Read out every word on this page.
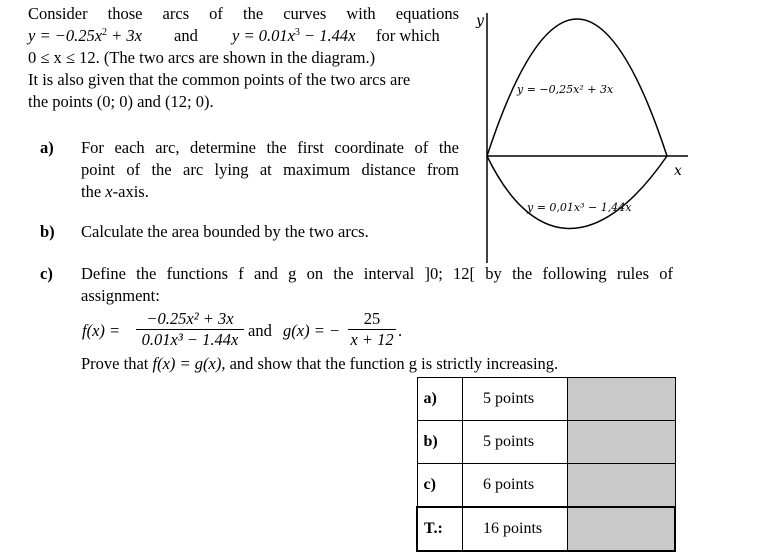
Consider those arcs of the curves with equations
$y = -0.25x^2 + 3x$ and $y = 0.01x^3 - 1.44x$ for which
0 ≤ x ≤ 12. (The two arcs are shown in the diagram.)
It is also given that the common points of the two arcs are
the points (0; 0) and (12; 0).
a) For each arc, determine the first coordinate of the
point of the arc lying at maximum distance from
the x-axis.
b) Calculate the area bounded by the two arcs.
c) Define the functions f and g on the interval ]0; 12[ by the following rules of
assignment:
f(x) =
−0.25x² + 3x
0.01x³ − 1.44x and g(x) = −
25
x + 12 .
Prove that f(x) = g(x), and show that the function g is strictly increasing.
y
x
y = −0,25x² + 3x
y = 0,01x³ − 1,44x
a)	5 points	
b)	5 points	
c)	6 points	
T.:	16 points	
